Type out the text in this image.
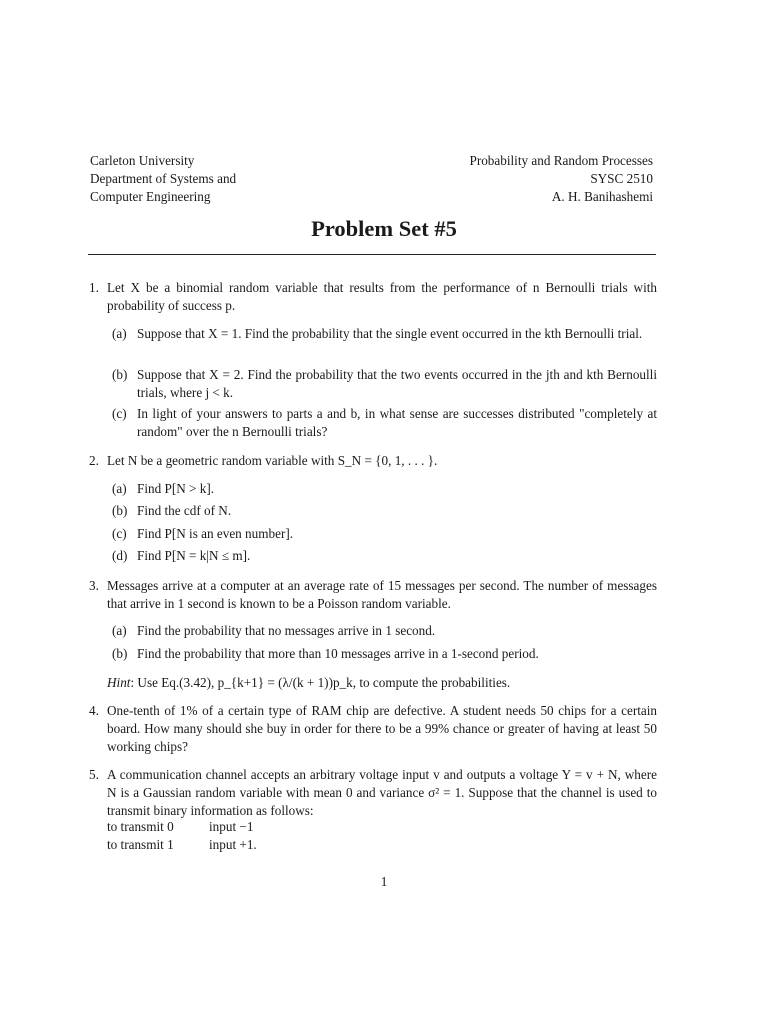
Carleton University
Department of Systems and
Computer Engineering
Probability and Random Processes
SYSC 2510
A. H. Banihashemi
Problem Set #5
1. Let X be a binomial random variable that results from the performance of n Bernoulli trials with probability of success p.
(a) Suppose that X = 1. Find the probability that the single event occurred in the kth Bernoulli trial.
(b) Suppose that X = 2. Find the probability that the two events occurred in the jth and kth Bernoulli trials, where j < k.
(c) In light of your answers to parts a and b, in what sense are successes distributed "completely at random" over the n Bernoulli trials?
2. Let N be a geometric random variable with S_N = {0, 1, . . . }.
(a) Find P[N > k].
(b) Find the cdf of N.
(c) Find P[N is an even number].
(d) Find P[N = k|N ≤ m].
3. Messages arrive at a computer at an average rate of 15 messages per second. The number of messages that arrive in 1 second is known to be a Poisson random variable.
(a) Find the probability that no messages arrive in 1 second.
(b) Find the probability that more than 10 messages arrive in a 1-second period.
Hint: Use Eq.(3.42), p_{k+1} = (λ/(k + 1))p_k, to compute the probabilities.
4. One-tenth of 1% of a certain type of RAM chip are defective. A student needs 50 chips for a certain board. How many should she buy in order for there to be a 99% chance or greater of having at least 50 working chips?
5. A communication channel accepts an arbitrary voltage input v and outputs a voltage Y = v + N, where N is a Gaussian random variable with mean 0 and variance σ² = 1. Suppose that the channel is used to transmit binary information as follows:
to transmit 0	input −1
to transmit 1	input +1.
1
